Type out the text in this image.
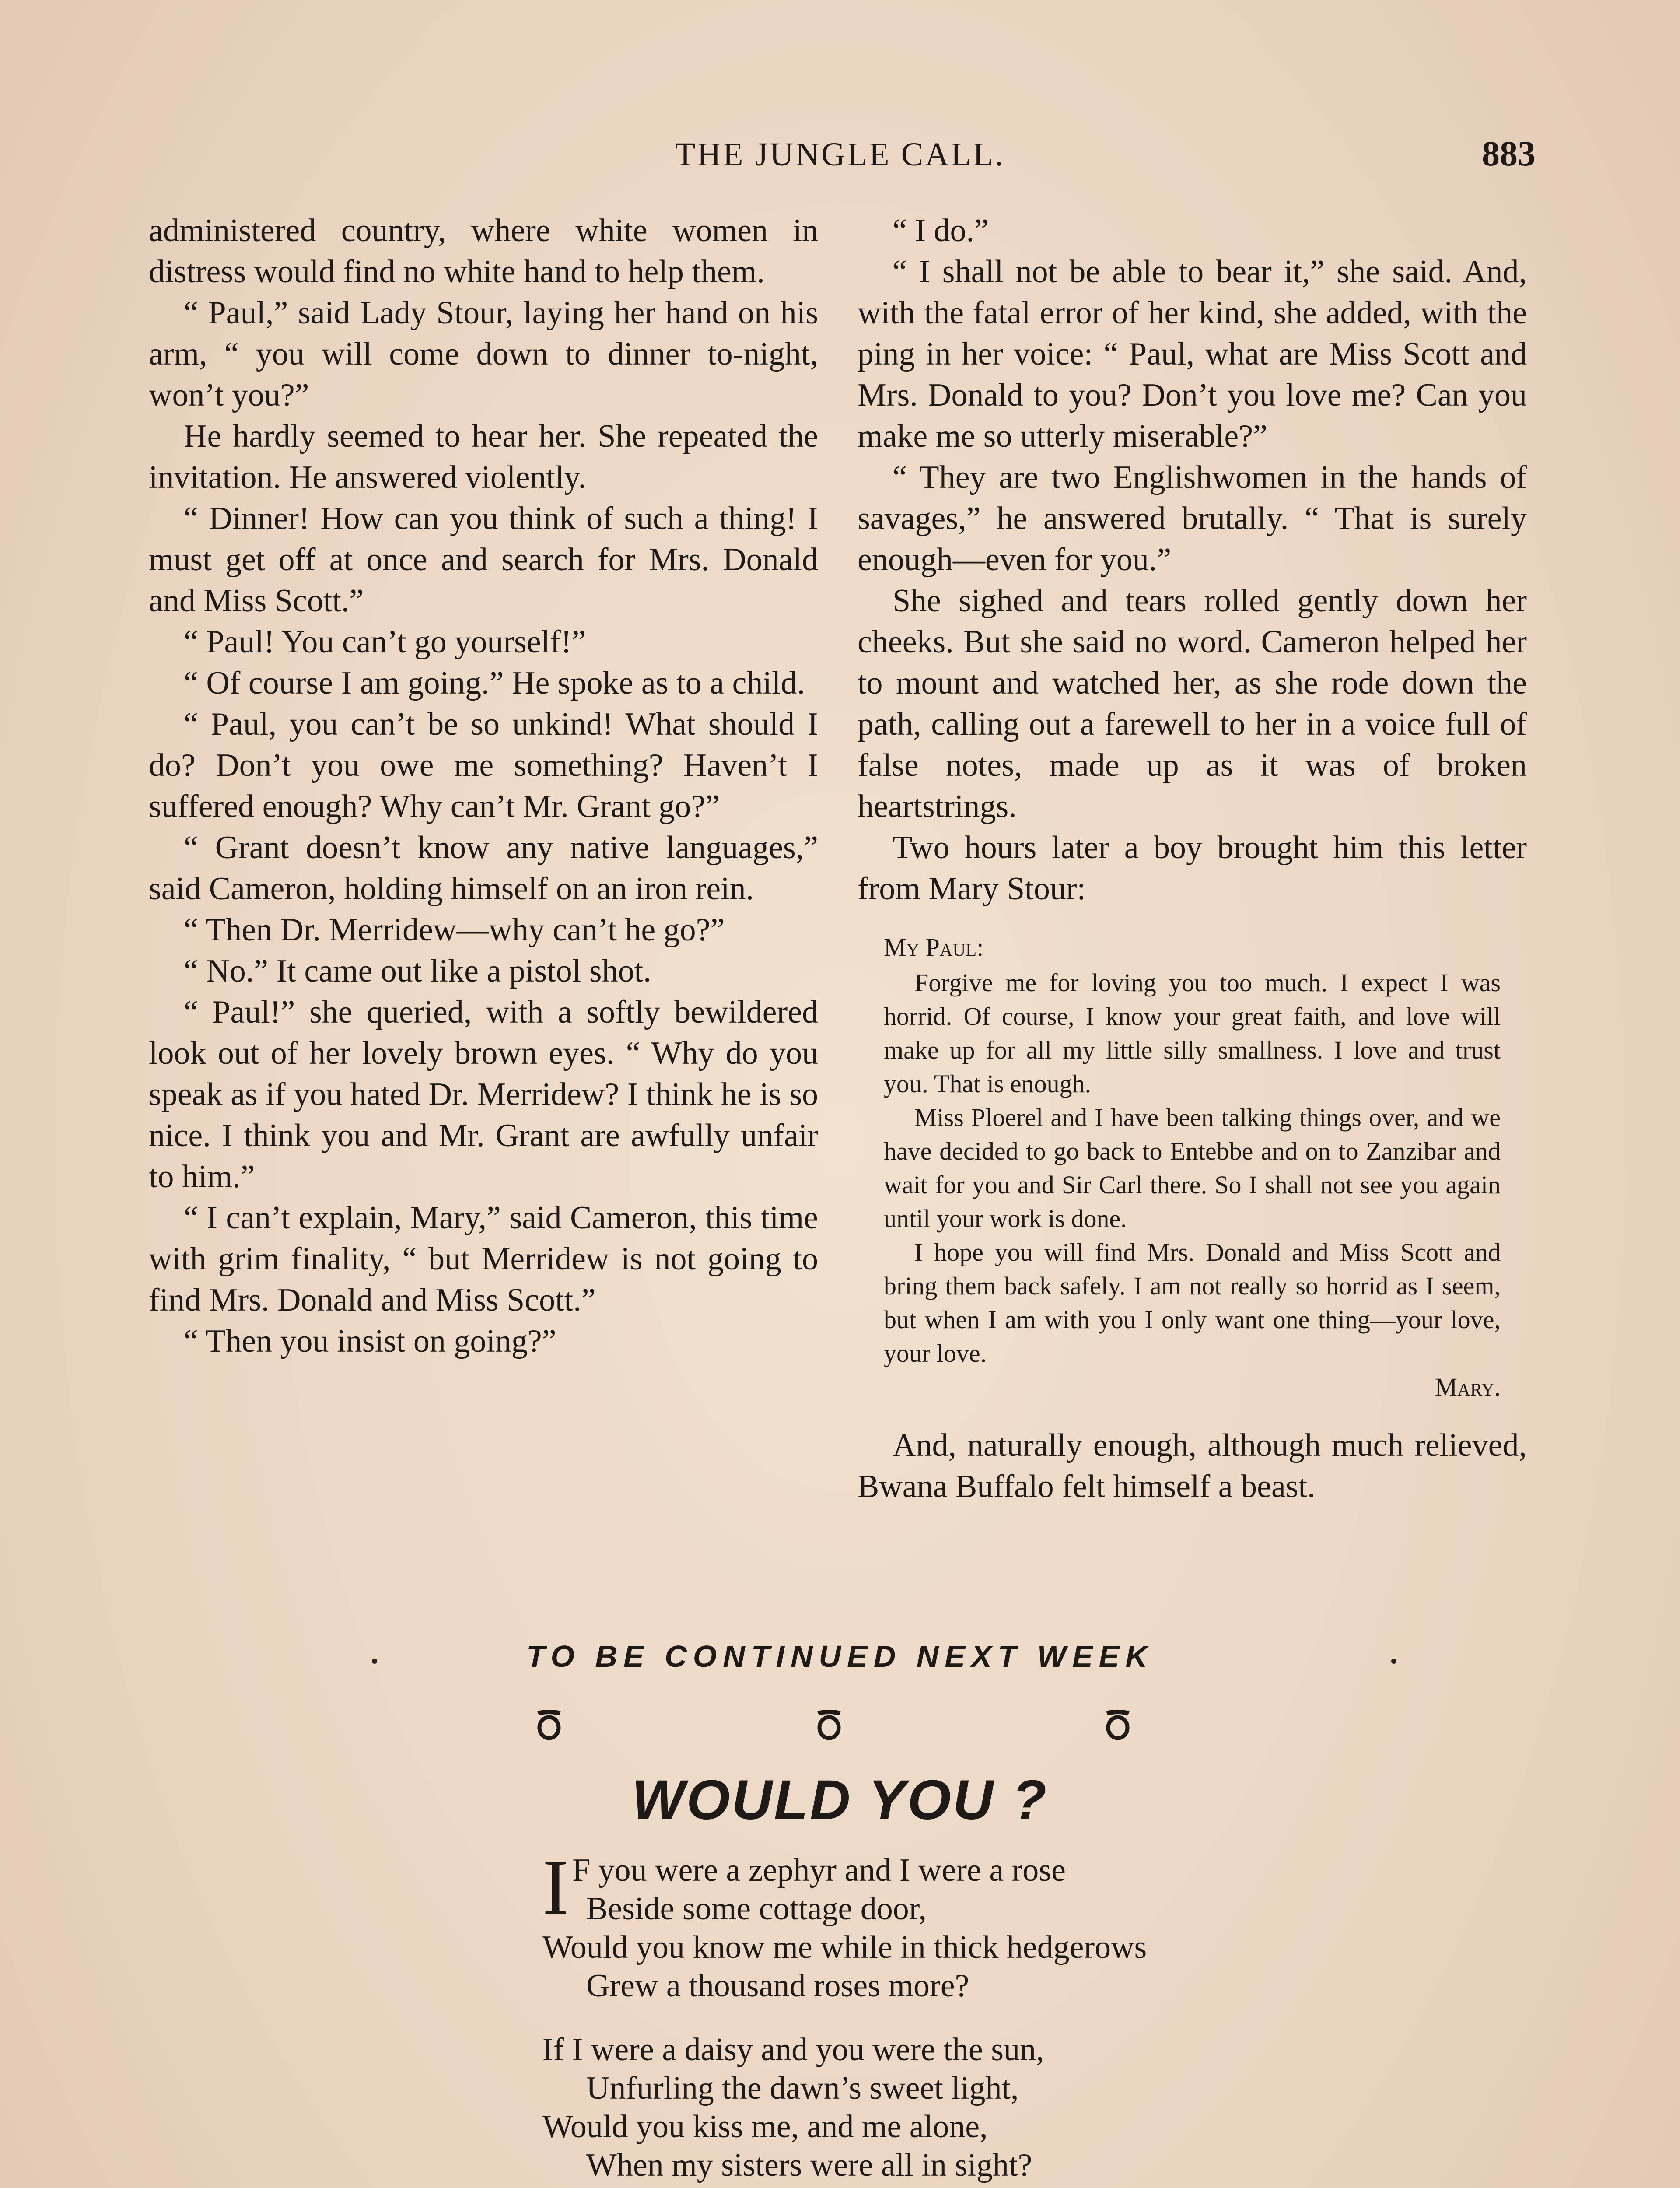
THE JUNGLE CALL.	883

administered country, where white women in distress would find no white hand to help them.

“ Paul,” said Lady Stour, laying her hand on his arm, “ you will come down to dinner to-night, won’t you?”

He hardly seemed to hear her. She repeated the invitation. He answered violently.

“ Dinner! How can you think of such a thing! I must get off at once and search for Mrs. Donald and Miss Scott.”

“ Paul! You can’t go yourself!”

“ Of course I am going.” He spoke as to a child.

“ Paul, you can’t be so unkind! What should I do? Don’t you owe me something? Haven’t I suffered enough? Why can’t Mr. Grant go?”

“ Grant doesn’t know any native languages,” said Cameron, holding himself on an iron rein.

“ Then Dr. Merridew—why can’t he go?”

“ No.” It came out like a pistol shot.

“ Paul!” she queried, with a softly bewildered look out of her lovely brown eyes. “ Why do you speak as if you hated Dr. Merridew? I think he is so nice. I think you and Mr. Grant are awfully unfair to him.”

“ I can’t explain, Mary,” said Cameron, this time with grim finality, “ but Merridew is not going to find Mrs. Donald and Miss Scott.”

“ Then you insist on going?”

“ I do.”

“ I shall not be able to bear it,” she said. And, with the fatal error of her kind, she added, with the ping in her voice: “ Paul, what are Miss Scott and Mrs. Donald to you? Don’t you love me? Can you make me so utterly miserable?”

“ They are two Englishwomen in the hands of savages,” he answered brutally. “ That is surely enough—even for you.”

She sighed and tears rolled gently down her cheeks. But she said no word. Cameron helped her to mount and watched her, as she rode down the path, calling out a farewell to her in a voice full of false notes, made up as it was of broken heartstrings.

Two hours later a boy brought him this letter from Mary Stour:

My Paul:

Forgive me for loving you too much. I expect I was horrid. Of course, I know your great faith, and love will make up for all my little silly smallness. I love and trust you. That is enough.

Miss Ploerel and I have been talking things over, and we have decided to go back to Entebbe and on to Zanzibar and wait for you and Sir Carl there. So I shall not see you again until your work is done.

I hope you will find Mrs. Donald and Miss Scott and bring them back safely. I am not really so horrid as I seem, but when I am with you I only want one thing—your love, your love.

Mary.

And, naturally enough, although much relieved, Bwana Buffalo felt himself a beast.

TO BE CONTINUED NEXT WEEK
WOULD YOU ?
I F you were a zephyr and I were a rose
Beside some cottage door,
Would you know me while in thick hedgerows
Grew a thousand roses more?
If I were a daisy and you were the sun,
Unfurling the dawn’s sweet light,
Would you kiss me, and me alone,
When my sisters were all in sight?
